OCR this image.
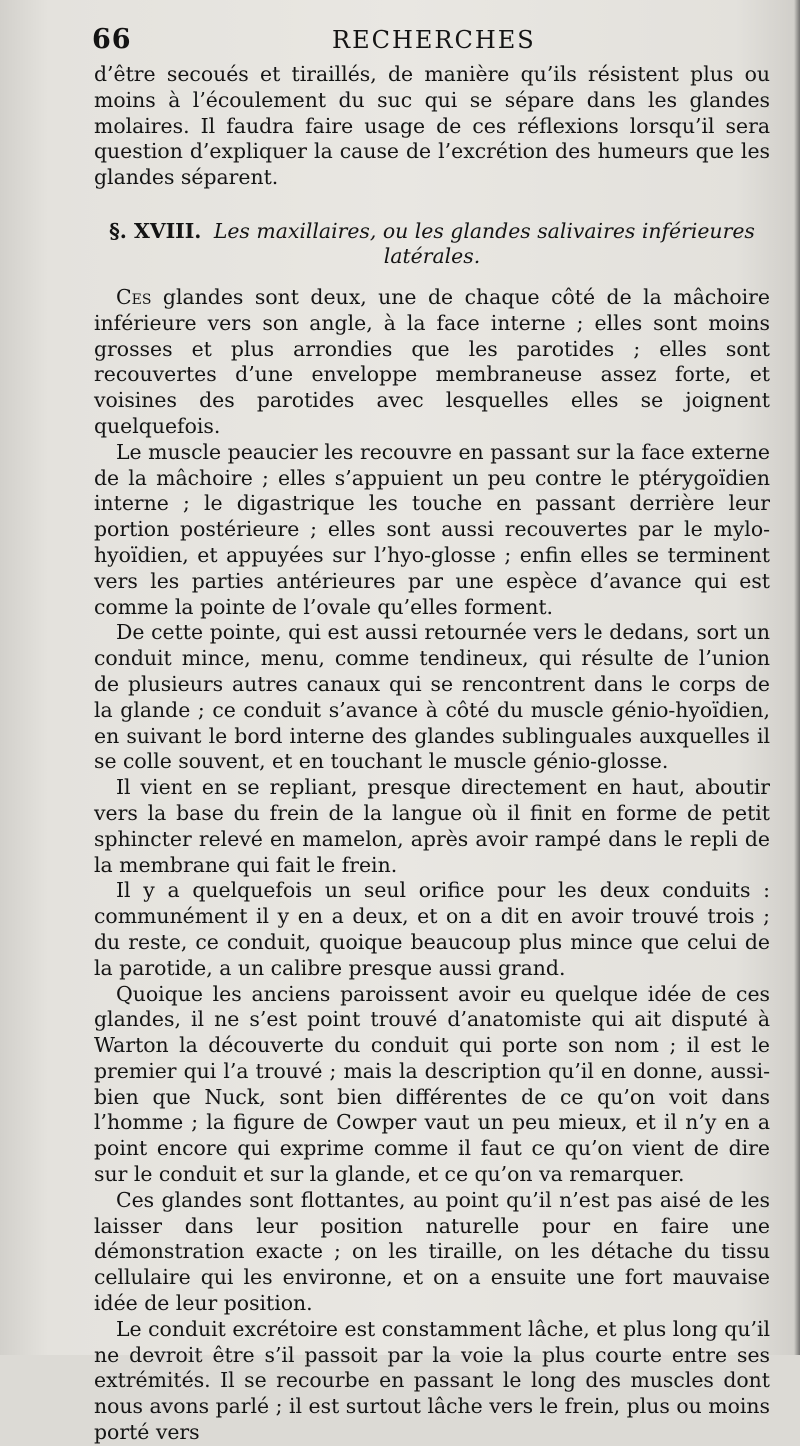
66	RECHERCHES

d’être secoués et tiraillés, de manière qu’ils résistent plus ou moins à l’écoulement du suc qui se sépare dans les glandes molaires. Il faudra faire usage de ces réflexions lorsqu’il sera question d’expliquer la cause de l’excrétion des humeurs que les glandes séparent.

§. XVIII. Les maxillaires, ou les glandes salivaires inférieures latérales.

Ces glandes sont deux, une de chaque côté de la mâchoire inférieure vers son angle, à la face interne ; elles sont moins grosses et plus arrondies que les parotides ; elles sont recouvertes d’une enveloppe membraneuse assez forte, et voisines des parotides avec lesquelles elles se joignent quelquefois.

Le muscle peaucier les recouvre en passant sur la face externe de la mâchoire ; elles s’appuient un peu contre le ptérygoïdien interne ; le digastrique les touche en passant derrière leur portion postérieure ; elles sont aussi recouvertes par le mylo-hyoïdien, et appuyées sur l’hyo-glosse ; enfin elles se terminent vers les parties antérieures par une espèce d’avance qui est comme la pointe de l’ovale qu’elles forment.

De cette pointe, qui est aussi retournée vers le dedans, sort un conduit mince, menu, comme tendineux, qui résulte de l’union de plusieurs autres canaux qui se rencontrent dans le corps de la glande ; ce conduit s’avance à côté du muscle génio-hyoïdien, en suivant le bord interne des glandes sublinguales auxquelles il se colle souvent, et en touchant le muscle génio-glosse.

Il vient en se repliant, presque directement en haut, aboutir vers la base du frein de la langue où il finit en forme de petit sphincter relevé en mamelon, après avoir rampé dans le repli de la membrane qui fait le frein.

Il y a quelquefois un seul orifice pour les deux conduits : communément il y en a deux, et on a dit en avoir trouvé trois ; du reste, ce conduit, quoique beaucoup plus mince que celui de la parotide, a un calibre presque aussi grand.

Quoique les anciens paroissent avoir eu quelque idée de ces glandes, il ne s’est point trouvé d’anatomiste qui ait disputé à Warton la découverte du conduit qui porte son nom ; il est le premier qui l’a trouvé ; mais la description qu’il en donne, aussi-bien que Nuck, sont bien différentes de ce qu’on voit dans l’homme ; la figure de Cowper vaut un peu mieux, et il n’y en a point encore qui exprime comme il faut ce qu’on vient de dire sur le conduit et sur la glande, et ce qu’on va remarquer.

Ces glandes sont flottantes, au point qu’il n’est pas aisé de les laisser dans leur position naturelle pour en faire une démonstration exacte ; on les tiraille, on les détache du tissu cellulaire qui les environne, et on a ensuite une fort mauvaise idée de leur position.

Le conduit excrétoire est constamment lâche, et plus long qu’il ne devroit être s’il passoit par la voie la plus courte entre ses extrémités. Il se recourbe en passant le long des muscles dont nous avons parlé ; il est surtout lâche vers le frein, plus ou moins porté vers
